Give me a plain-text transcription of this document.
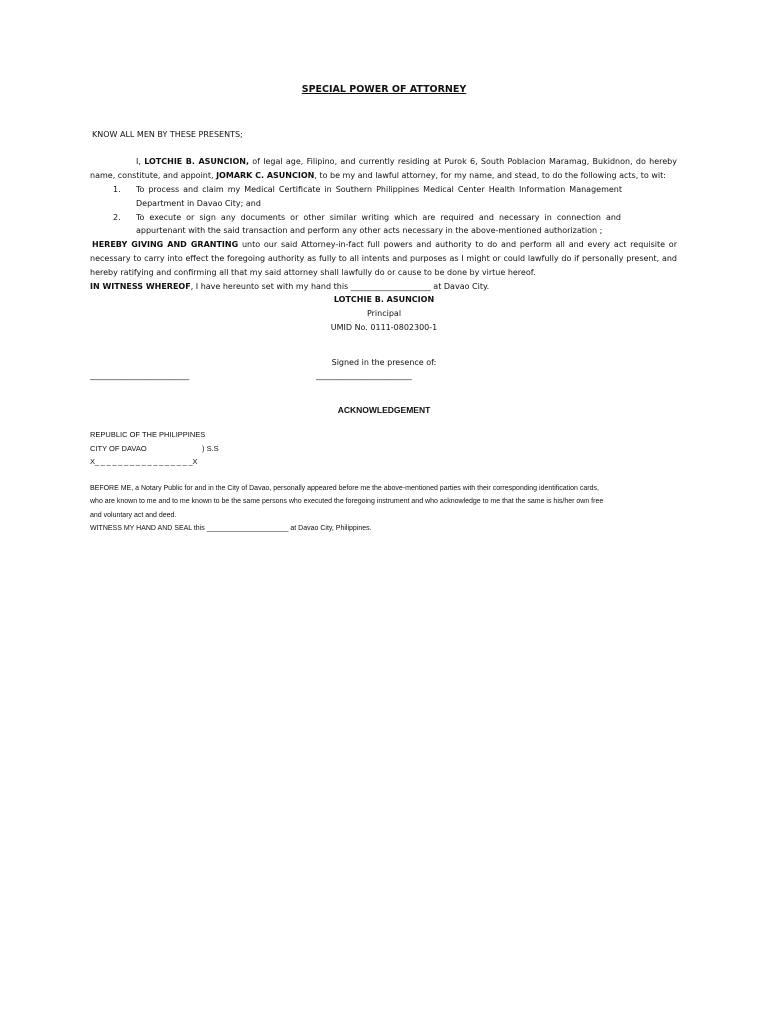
SPECIAL POWER OF ATTORNEY
KNOW ALL MEN BY THESE PRESENTS;
I, LOTCHIE B. ASUNCION, of legal age, Filipino, and currently residing at Purok 6, South Poblacion Maramag, Bukidnon, do hereby
name, constitute, and appoint, JOMARK C. ASUNCION, to be my and lawful attorney, for my name, and stead, to do the following acts, to wit:
1. To process and claim my Medical Certificate in Southern Philippines Medical Center Health Information Management
Department in Davao City; and
2. To execute or sign any documents or other similar writing which are required and necessary in connection and
appurtenant with the said transaction and perform any other acts necessary in the above-mentioned authorization ;
HEREBY GIVING AND GRANTING unto our said Attorney-in-fact full powers and authority to do and perform all and every act requisite or
necessary to carry into effect the foregoing authority as fully to all intents and purposes as I might or could lawfully do if personally present, and
hereby ratifying and confirming all that my said attorney shall lawfully do or cause to be done by virtue hereof.
IN WITNESS WHEREOF, I have hereunto set with my hand this ____________________ at Davao City.
LOTCHIE B. ASUNCION
Principal
UMID No. 0111-0802300-1
Signed in the presence of:
_____________________________	____________________________
ACKNOWLEDGEMENT
REPUBLIC OF THE PHILIPPINES
CITY OF DAVAO	) S.S
X_ _ _ _ _ _ _ _ _ _ _ _ _ _ _ _ _X
BEFORE ME, a Notary Public for and in the City of Davao, personally appeared before me the above-mentioned parties with their corresponding identification cards,
who are known to me and to me known to be the same persons who executed the foregoing instrument and who acknowledge to me that the same is his/her own free
and voluntary act and deed.
WITNESS MY HAND AND SEAL this _____________________ at Davao City, Philippines.
